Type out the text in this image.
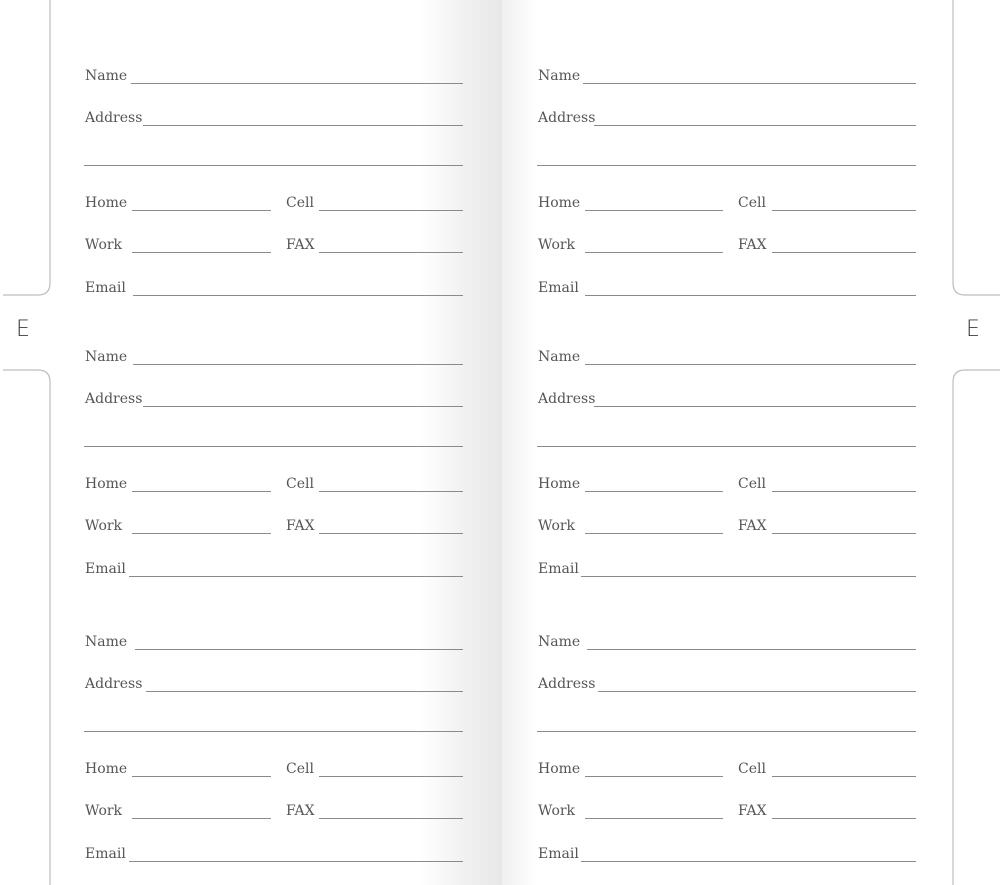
E	E
Name
Address
Home	Cell
Work	FAX
Email
Name
Address
Home	Cell
Work	FAX
Email
Name
Address
Home	Cell
Work	FAX
Email
Name
Address
Home	Cell
Work	FAX
Email
Name
Address
Home	Cell
Work	FAX
Email
Name
Address
Home	Cell
Work	FAX
Email
